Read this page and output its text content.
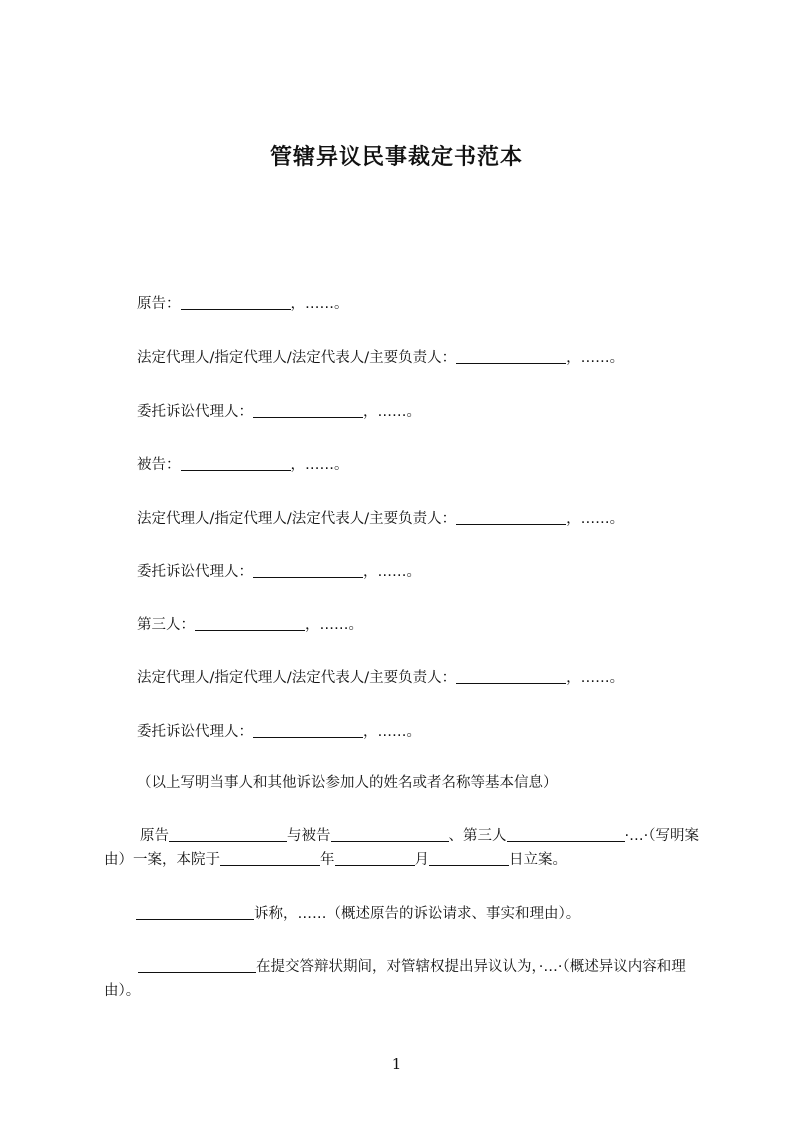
管辖异议民事裁定书范本
原告：	，……。
法定代理人/指定代理人/法定代表人/主要负责人：	，……。
委托诉讼代理人：	，……。
被告：	，……。
法定代理人/指定代理人/法定代表人/主要负责人：	，……。
委托诉讼代理人：	，……。
第三人：	，……。
法定代理人/指定代理人/法定代表人/主要负责人：	，……。
委托诉讼代理人：	，……。
（以上写明当事人和其他诉讼参加人的姓名或者名称等基本信息）
原告	与被告	、第三人	·…·（写明案由）一案，本院于	年	月	日立案。
诉称，……（概述原告的诉讼请求、事实和理由）。
在提交答辩状期间，对管辖权提出异议认为，·…·（概述异议内容和理由）。
1
